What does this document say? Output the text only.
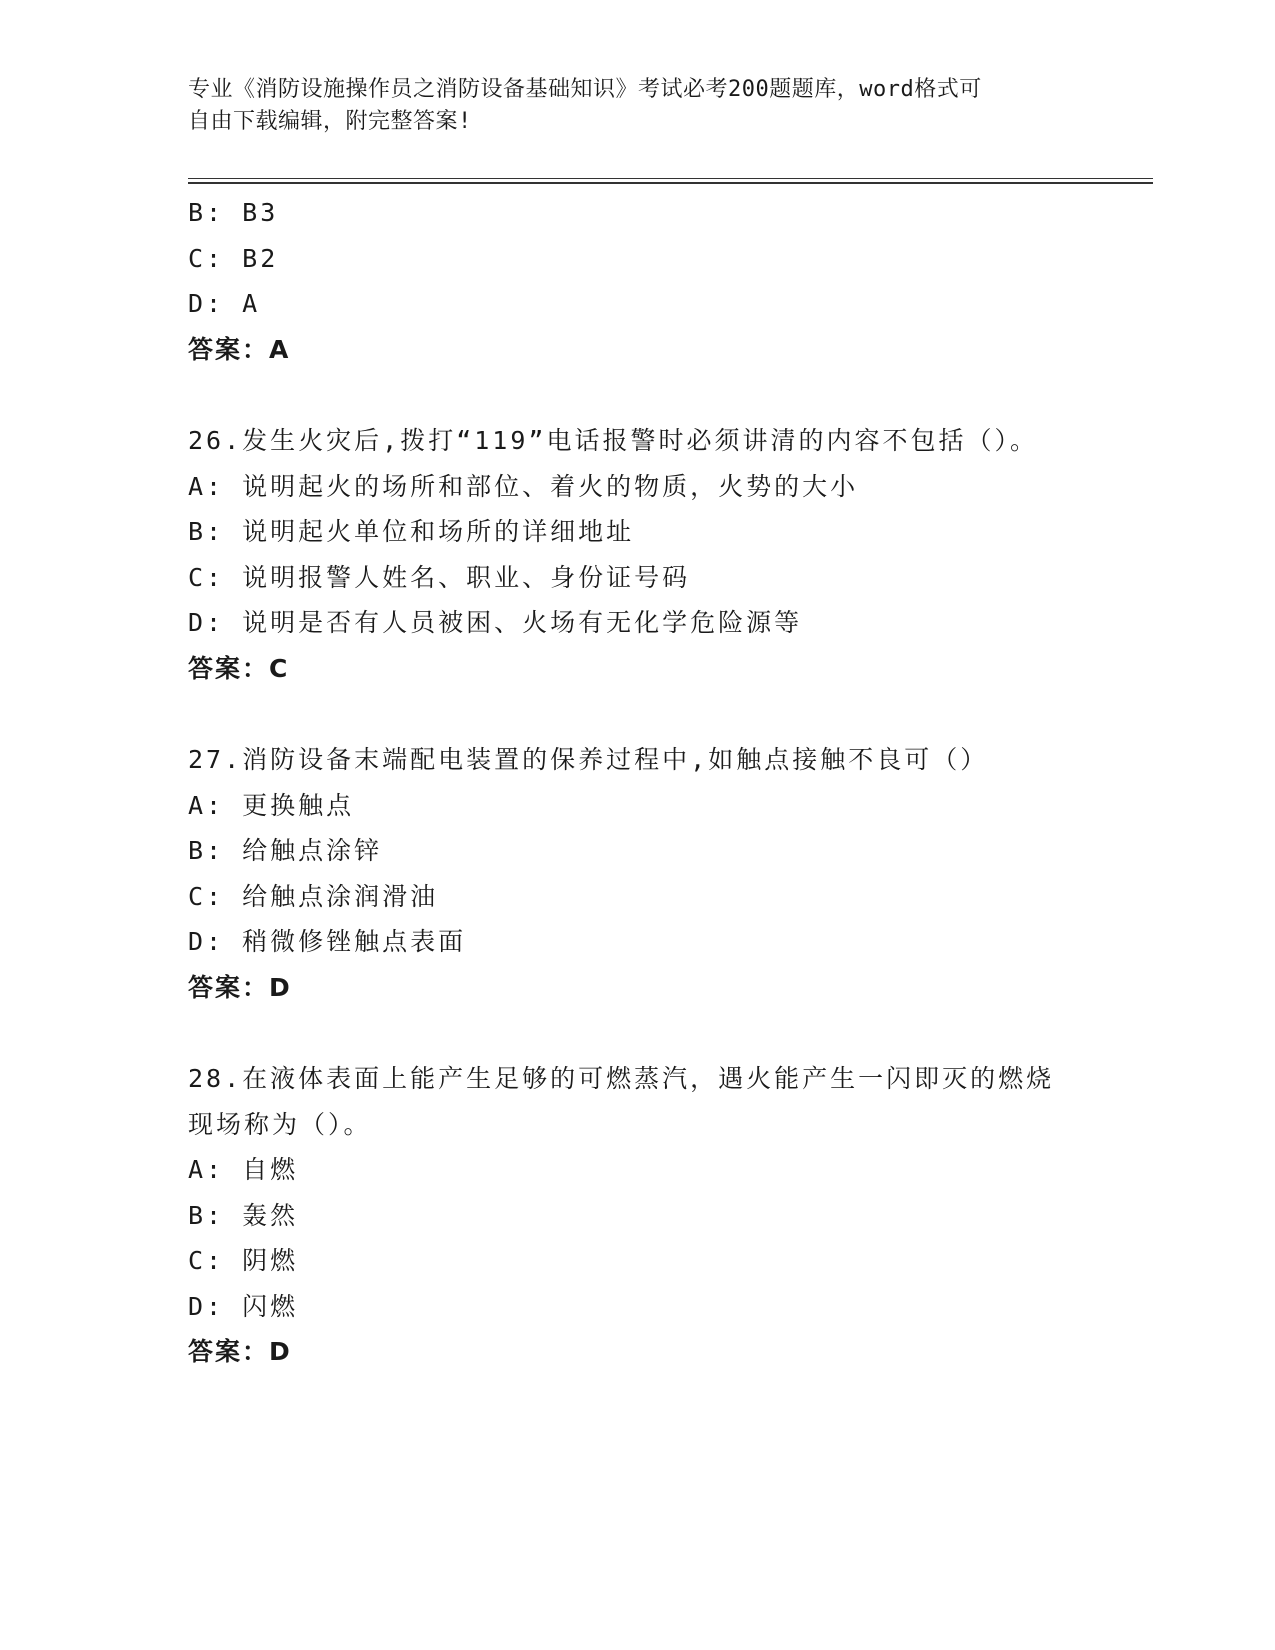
专业《消防设施操作员之消防设备基础知识》考试必考200题题库，word格式可
自由下载编辑，附完整答案!
B: B3
C: B2
D: A
答案：A
26.发生火灾后,拨打“119”电话报警时必须讲清的内容不包括（）。
A: 说明起火的场所和部位、着火的物质，火势的大小
B: 说明起火单位和场所的详细地址
C: 说明报警人姓名、职业、身份证号码
D: 说明是否有人员被困、火场有无化学危险源等
答案：C
27.消防设备末端配电装置的保养过程中,如触点接触不良可（）
A: 更换触点
B: 给触点涂锌
C: 给触点涂润滑油
D: 稍微修锉触点表面
答案：D
28.在液体表面上能产生足够的可燃蒸汽，遇火能产生一闪即灭的燃烧
现场称为（）。
A: 自燃
B: 轰然
C: 阴燃
D: 闪燃
答案：D
